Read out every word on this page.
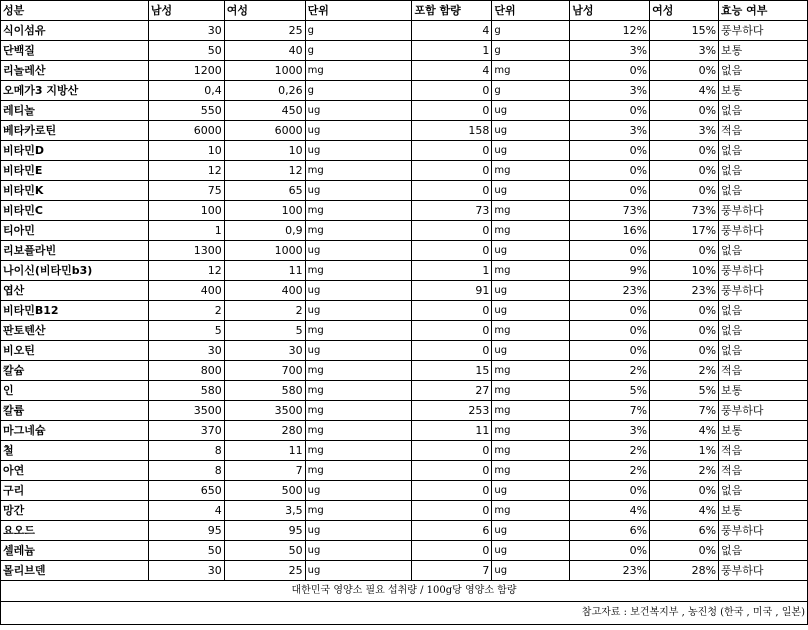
성분	남성	여성	단위	포함 함량	단위	남성	여성	효능 여부
식이섬유	30	25	g	4	g	12%	15%	풍부하다
단백질	50	40	g	1	g	3%	3%	보통
리놀레산	1200	1000	mg	4	mg	0%	0%	없음
오메가3 지방산	0,4	0,26	g	0	g	3%	4%	보통
레티놀	550	450	ug	0	ug	0%	0%	없음
베타카로틴	6000	6000	ug	158	ug	3%	3%	적음
비타민D	10	10	ug	0	ug	0%	0%	없음
비타민E	12	12	mg	0	mg	0%	0%	없음
비타민K	75	65	ug	0	ug	0%	0%	없음
비타민C	100	100	mg	73	mg	73%	73%	풍부하다
티아민	1	0,9	mg	0	mg	16%	17%	풍부하다
리보플라빈	1300	1000	ug	0	ug	0%	0%	없음
나이신(비타민b3)	12	11	mg	1	mg	9%	10%	풍부하다
엽산	400	400	ug	91	ug	23%	23%	풍부하다
비타민B12	2	2	ug	0	ug	0%	0%	없음
판토텐산	5	5	mg	0	mg	0%	0%	없음
비오틴	30	30	ug	0	ug	0%	0%	없음
칼슘	800	700	mg	15	mg	2%	2%	적음
인	580	580	mg	27	mg	5%	5%	보통
칼륨	3500	3500	mg	253	mg	7%	7%	풍부하다
마그네슘	370	280	mg	11	mg	3%	4%	보통
철	8	11	mg	0	mg	2%	1%	적음
아연	8	7	mg	0	mg	2%	2%	적음
구리	650	500	ug	0	ug	0%	0%	없음
망간	4	3,5	mg	0	mg	4%	4%	보통
요오드	95	95	ug	6	ug	6%	6%	풍부하다
셀레늄	50	50	ug	0	ug	0%	0%	없음
몰리브덴	30	25	ug	7	ug	23%	28%	풍부하다
대한민국 영양소 필요 섭취량 / 100g당 영양소 함량								
참고자료 : 보건복지부 , 농진청 (한국 , 미국 , 일본)								
